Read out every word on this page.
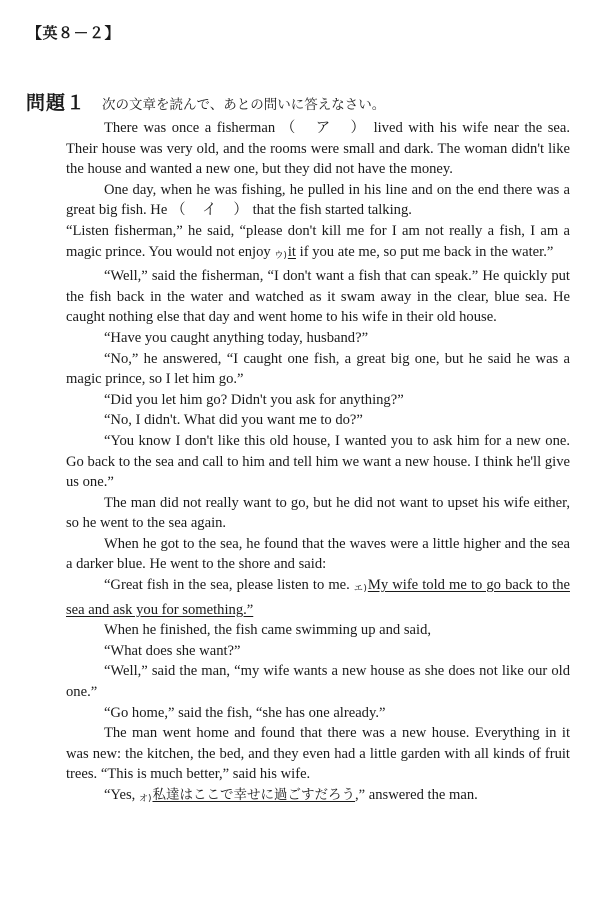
【英８－２】
問題１ 次の文章を読んで、あとの問いに答えなさい。

There was once a fisherman （　ア　） lived with his wife near the sea. Their house was very old, and the rooms were small and dark. The woman didn't like the house and wanted a new one, but they did not have the money.

One day, when he was fishing, he pulled in his line and on the end there was a great big fish. He （　イ　） that the fish started talking.

“Listen fisherman,” he said, “please don't kill me for I am not really a fish, I am a magic prince. You would not enjoy ウ)it if you ate me, so put me back in the water.”

“Well,” said the fisherman, “I don't want a fish that can speak.” He quickly put the fish back in the water and watched as it swam away in the clear, blue sea. He caught nothing else that day and went home to his wife in their old house.

“Have you caught anything today, husband?”

“No,” he answered, “I caught one fish, a great big one, but he said he was a magic prince, so I let him go.”

“Did you let him go? Didn't you ask for anything?”

“No, I didn't. What did you want me to do?”

“You know I don't like this old house, I wanted you to ask him for a new one. Go back to the sea and call to him and tell him we want a new house. I think he'll give us one.”

The man did not really want to go, but he did not want to upset his wife either, so he went to the sea again.

When he got to the sea, he found that the waves were a little higher and the sea a darker blue. He went to the shore and said:

“Great fish in the sea, please listen to me. エ)My wife told me to go back to the sea and ask you for something.”

When he finished, the fish came swimming up and said,

“What does she want?”

“Well,” said the man, “my wife wants a new house as she does not like our old one.”

“Go home,” said the fish, “she has one already.”

The man went home and found that there was a new house. Everything in it was new: the kitchen, the bed, and they even had a little garden with all kinds of fruit trees. “This is much better,” said his wife.

“Yes, オ)私達はここで幸せに過ごすだろう,” answered the man.
